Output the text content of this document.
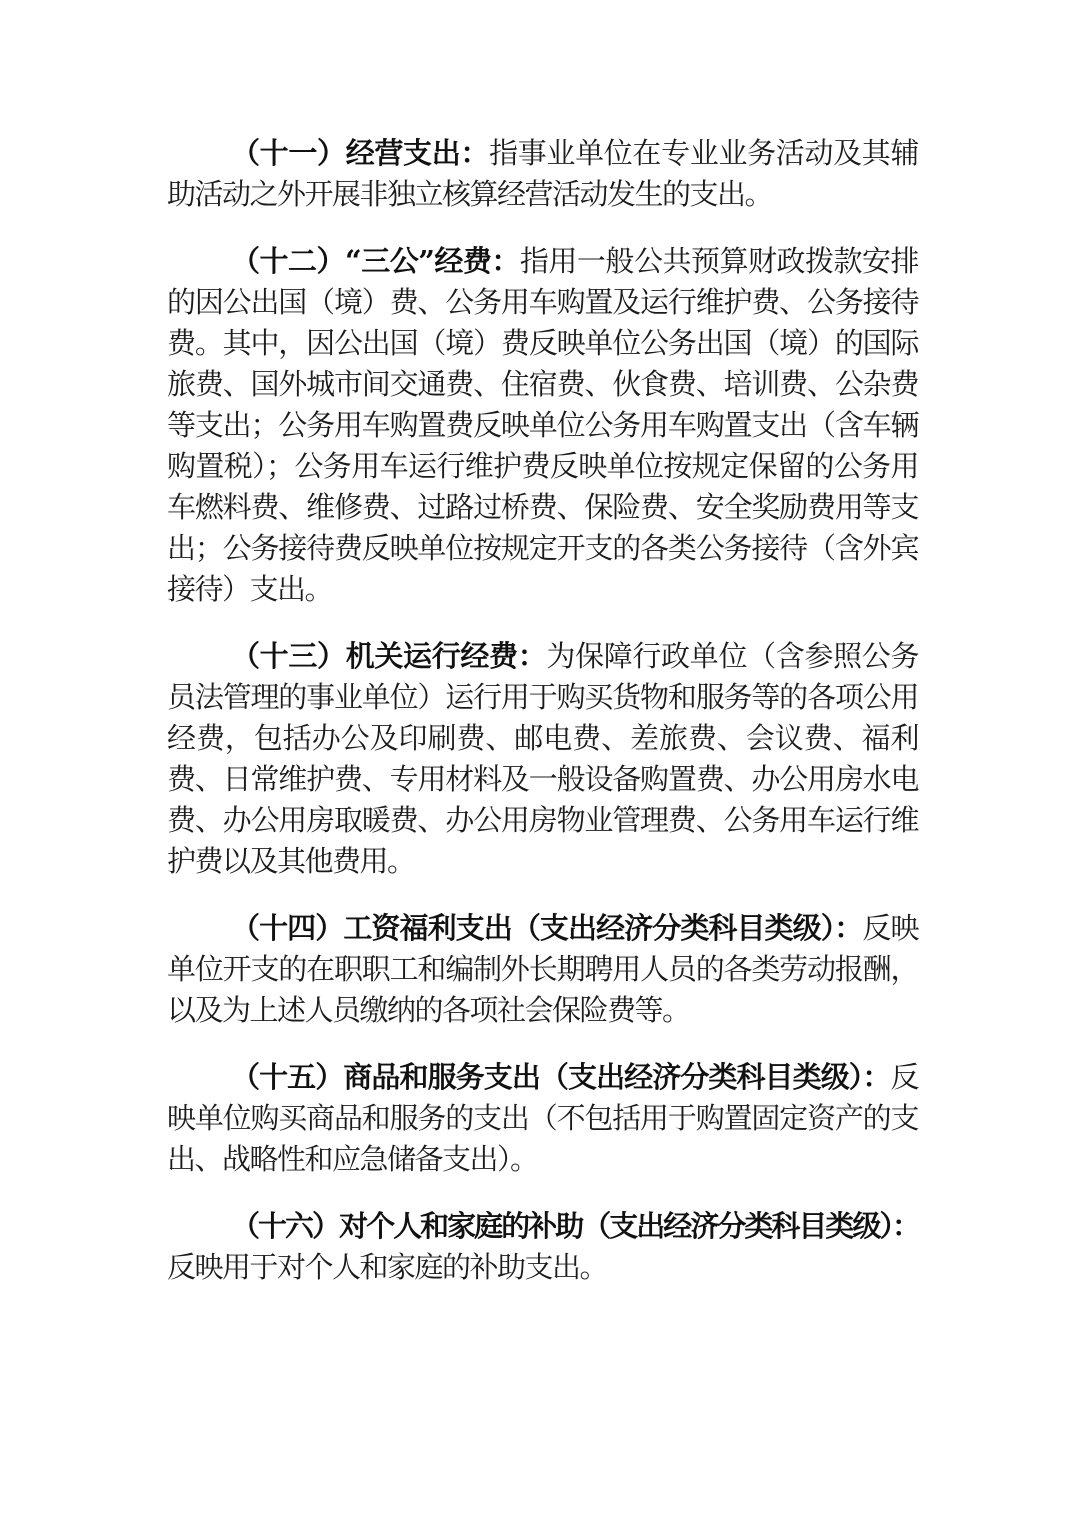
（十一）经营支出：指事业单位在专业业务活动及其辅助活动之外开展非独立核算经营活动发生的支出。

（十二）“三公”经费：指用一般公共预算财政拨款安排的因公出国（境）费、公务用车购置及运行维护费、公务接待费。其中，因公出国（境）费反映单位公务出国（境）的国际旅费、国外城市间交通费、住宿费、伙食费、培训费、公杂费等支出；公务用车购置费反映单位公务用车购置支出（含车辆购置税）；公务用车运行维护费反映单位按规定保留的公务用车燃料费、维修费、过路过桥费、保险费、安全奖励费用等支出；公务接待费反映单位按规定开支的各类公务接待（含外宾接待）支出。

（十三）机关运行经费：为保障行政单位（含参照公务员法管理的事业单位）运行用于购买货物和服务等的各项公用经费，包括办公及印刷费、邮电费、差旅费、会议费、福利费、日常维护费、专用材料及一般设备购置费、办公用房水电费、办公用房取暖费、办公用房物业管理费、公务用车运行维护费以及其他费用。

（十四）工资福利支出（支出经济分类科目类级）：反映单位开支的在职职工和编制外长期聘用人员的各类劳动报酬，以及为上述人员缴纳的各项社会保险费等。

（十五）商品和服务支出（支出经济分类科目类级）：反映单位购买商品和服务的支出（不包括用于购置固定资产的支出、战略性和应急储备支出）。

（十六）对个人和家庭的补助（支出经济分类科目类级）：反映用于对个人和家庭的补助支出。
